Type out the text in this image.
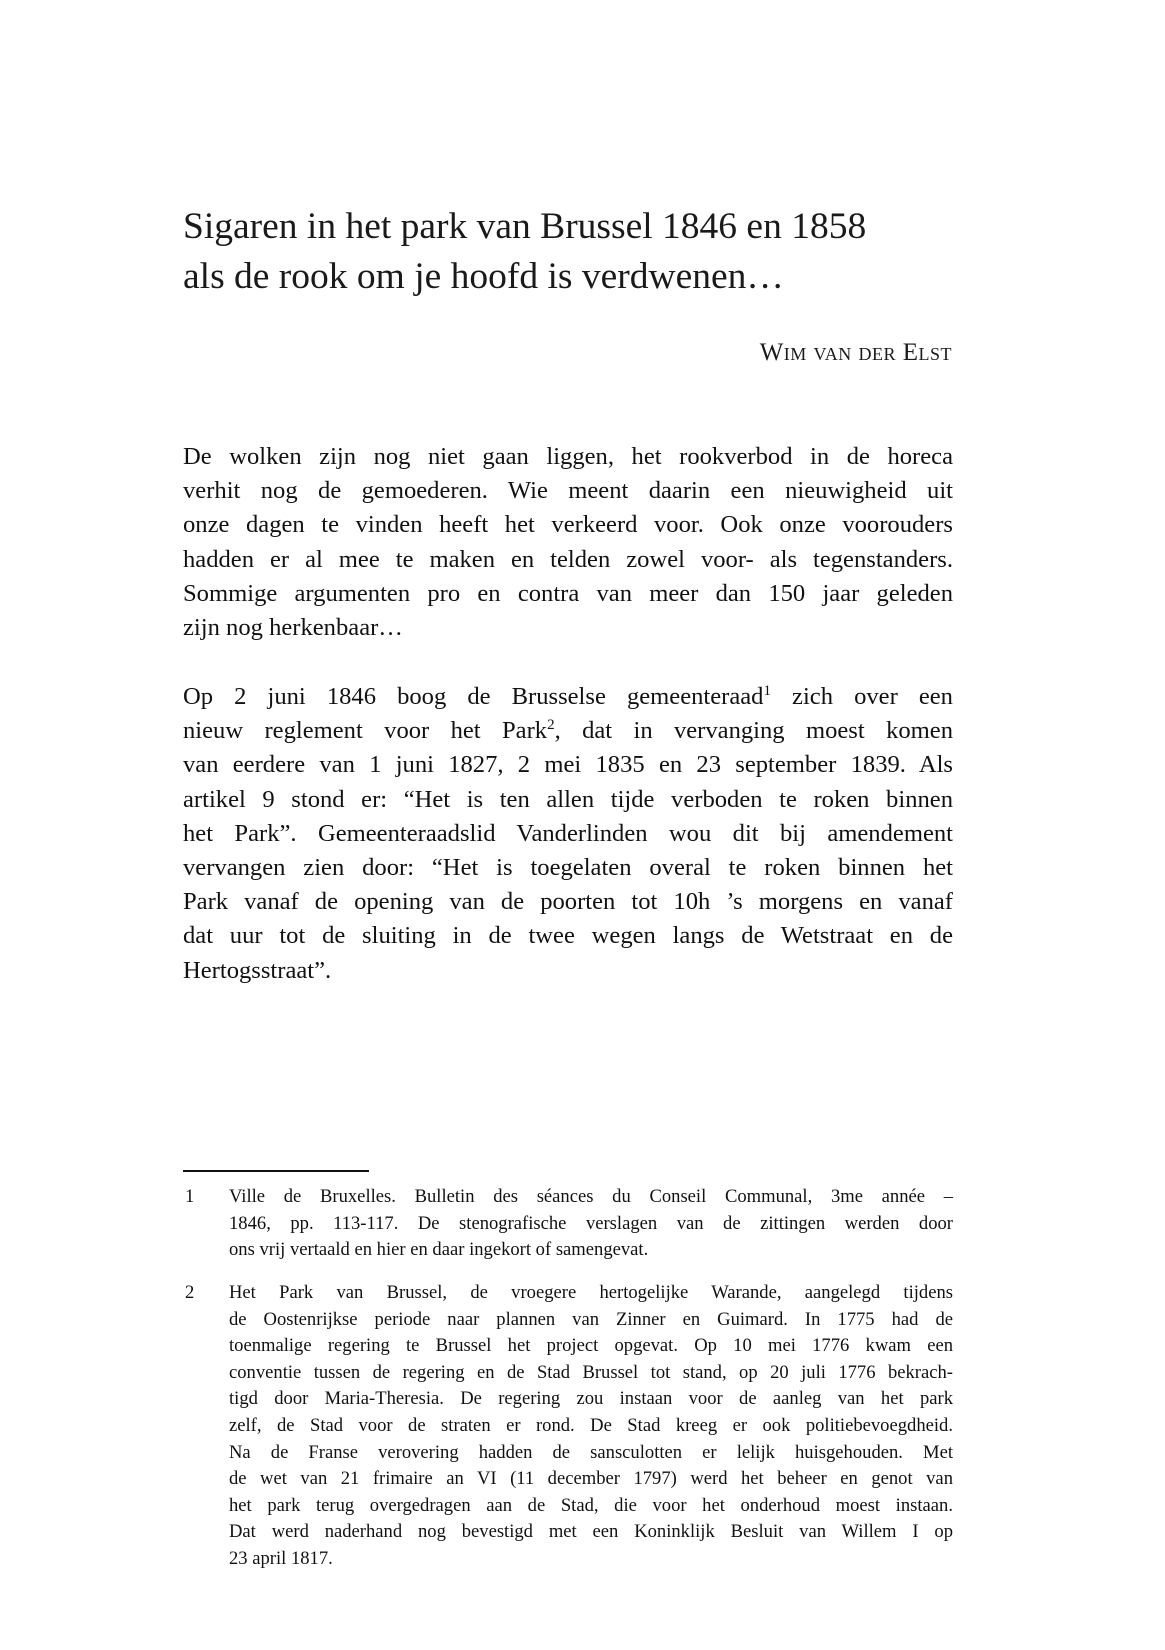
Sigaren in het park van Brussel 1846 en 1858
als de rook om je hoofd is verdwenen…
Wim van der Elst
De wolken zijn nog niet gaan liggen, het rookverbod in de horeca
verhit nog de gemoederen. Wie meent daarin een nieuwigheid uit
onze dagen te vinden heeft het verkeerd voor. Ook onze voorouders
hadden er al mee te maken en telden zowel voor- als tegenstanders.
Sommige argumenten pro en contra van meer dan 150 jaar geleden
zijn nog herkenbaar…
Op 2 juni 1846 boog de Brusselse gemeenteraad$^1$ zich over een
nieuw reglement voor het Park$^2$, dat in vervanging moest komen
van eerdere van 1 juni 1827, 2 mei 1835 en 23 september 1839. Als
artikel 9 stond er: “Het is ten allen tijde verboden te roken binnen
het Park”. Gemeenteraadslid Vanderlinden wou dit bij amendement
vervangen zien door: “Het is toegelaten overal te roken binnen het
Park vanaf de opening van de poorten tot 10h ’s morgens en vanaf
dat uur tot de sluiting in de twee wegen langs de Wetstraat en de
Hertogsstraat”.
1 Ville de Bruxelles. Bulletin des séances du Conseil Communal, 3me année –
1846, pp. 113-117. De stenografische verslagen van de zittingen werden door
ons vrij vertaald en hier en daar ingekort of samengevat.
2 Het Park van Brussel, de vroegere hertogelijke Warande, aangelegd tijdens
de Oostenrijkse periode naar plannen van Zinner en Guimard. In 1775 had de
toenmalige regering te Brussel het project opgevat. Op 10 mei 1776 kwam een
conventie tussen de regering en de Stad Brussel tot stand, op 20 juli 1776 bekrach-
tigd door Maria-Theresia. De regering zou instaan voor de aanleg van het park
zelf, de Stad voor de straten er rond. De Stad kreeg er ook politiebevoegdheid.
Na de Franse verovering hadden de sansculotten er lelijk huisgehouden. Met
de wet van 21 frimaire an VI (11 december 1797) werd het beheer en genot van
het park terug overgedragen aan de Stad, die voor het onderhoud moest instaan.
Dat werd naderhand nog bevestigd met een Koninklijk Besluit van Willem I op
23 april 1817.
